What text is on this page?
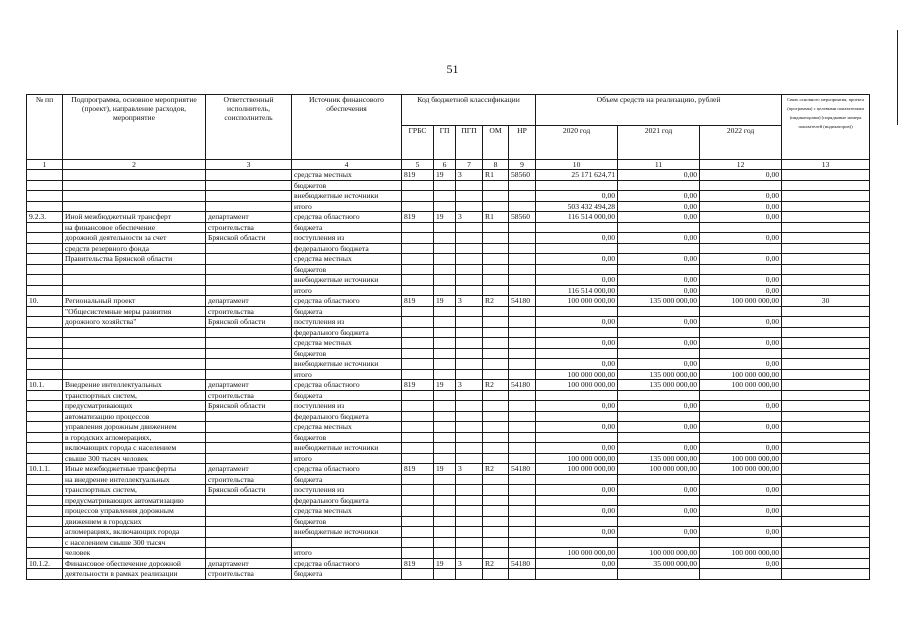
51
№ пп	Подпрограмма, основное мероприятие (проект), направление расходов, мероприятие	Ответственный исполнитель, соисполнитель	Источник финансового обеспечения	Код бюджетной классификации					Объем средств на реализацию, рублей			Связь основного мероприятия, проекта (программы) с целевыми показателями (индикаторами) (порядковые номера показателей (индикаторов))
				ГРБС	ГП	ПГП	ОМ	НР	2020 год	2021 год	2022 год	
1	2	3	4	5	6	7	8	9	10	11	12	13
			средства местных	819	19	3	R1	58560	25 171 624,71	0,00	0,00	
			бюджетов									
			внебюджетные источники						0,00	0,00	0,00	
			итого						503 432 494,28	0,00	0,00	
9.2.3.	Иной межбюджетный трансферт	департамент	средства областного	819	19	3	R1	58560	116 514 000,00	0,00	0,00	
	на финансовое обеспечение	строительства	бюджета									
	дорожной деятельности за счет	Брянской области	поступления из						0,00	0,00	0,00	
	средств резервного фонда		федерального бюджета									
	Правительства Брянской области		средства местных						0,00	0,00	0,00	
			бюджетов									
			внебюджетные источники						0,00	0,00	0,00	
			итого						116 514 000,00	0,00	0,00	
10.	Региональный проект	департамент	средства областного	819	19	3	R2	54180	100 000 000,00	135 000 000,00	100 000 000,00	30
	"Общесистемные меры развития	строительства	бюджета									
	дорожного хозяйства"	Брянской области	поступления из						0,00	0,00	0,00	
			федерального бюджета									
			средства местных						0,00	0,00	0,00	
			бюджетов									
			внебюджетные источники						0,00	0,00	0,00	
			итого						100 000 000,00	135 000 000,00	100 000 000,00	
10.1.	Внедрение интеллектуальных	департамент	средства областного	819	19	3	R2	54180	100 000 000,00	135 000 000,00	100 000 000,00	
	транспортных систем,	строительства	бюджета									
	предусматривающих	Брянской области	поступления из						0,00	0,00	0,00	
	автоматизацию процессов		федерального бюджета									
	управления дорожным движением		средства местных						0,00	0,00	0,00	
	в городских агломерациях,		бюджетов									
	включающих города с населением		внебюджетные источники						0,00	0,00	0,00	
	свыше 300 тысяч человек		итого						100 000 000,00	135 000 000,00	100 000 000,00	
10.1.1.	Иные межбюджетные трансферты	департамент	средства областного	819	19	3	R2	54180	100 000 000,00	100 000 000,00	100 000 000,00	
	на внедрение интеллектуальных	строительства	бюджета									
	транспортных систем,	Брянской области	поступления из						0,00	0,00	0,00	
	предусматривающих автоматизацию		федерального бюджета									
	процессов управления дорожным		средства местных						0,00	0,00	0,00	
	движением в городских		бюджетов									
	агломерациях, включающих города		внебюджетные источники						0,00	0,00	0,00	
	с населением свыше 300 тысяч											
	человек		итого						100 000 000,00	100 000 000,00	100 000 000,00	
10.1.2.	Финансовое обеспечение дорожной	департамент	средства областного	819	19	3	R2	54180	0,00	35 000 000,00	0,00	
	деятельности в рамках реализации	строительства	бюджета									
